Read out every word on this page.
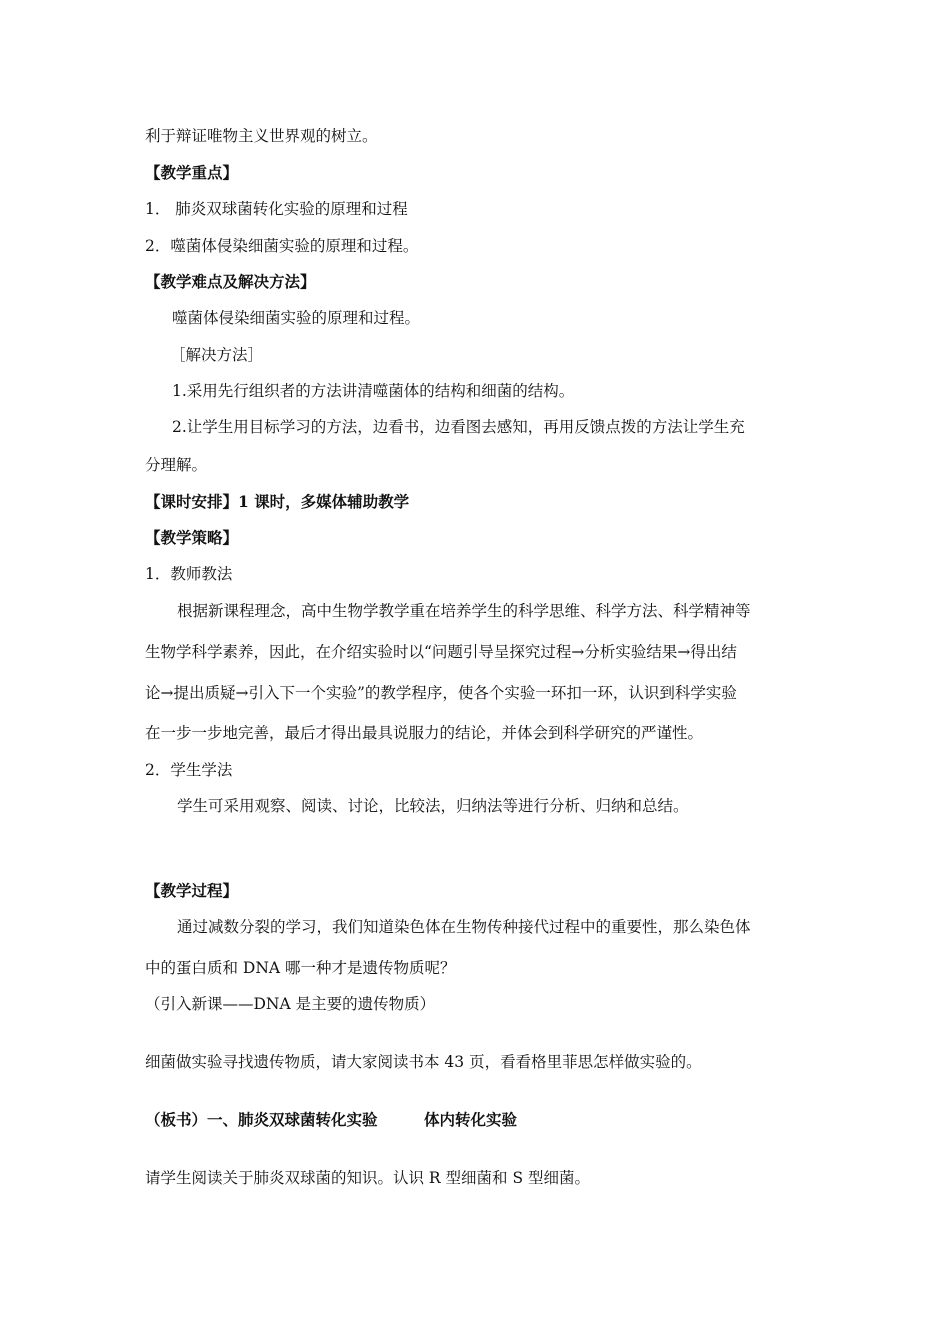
利于辩证唯物主义世界观的树立。
【教学重点】
1． 肺炎双球菌转化实验的原理和过程
2．噬菌体侵染细菌实验的原理和过程。
【教学难点及解决方法】
噬菌体侵染细菌实验的原理和过程。
［解决方法］
1.采用先行组织者的方法讲清噬菌体的结构和细菌的结构。
2.让学生用目标学习的方法，边看书，边看图去感知，再用反馈点拨的方法让学生充
分理解。
【课时安排】1 课时，多媒体辅助教学
【教学策略】
1．教师教法
根据新课程理念，高中生物学教学重在培养学生的科学思维、科学方法、科学精神等
生物学科学素养，因此，在介绍实验时以“问题引导呈探究过程→分析实验结果→得出结
论→提出质疑→引入下一个实验”的教学程序，使各个实验一环扣一环，认识到科学实验
在一步一步地完善，最后才得出最具说服力的结论，并体会到科学研究的严谨性。
2．学生学法
学生可采用观察、阅读、讨论，比较法，归纳法等进行分析、归纳和总结。
【教学过程】
通过减数分裂的学习，我们知道染色体在生物传种接代过程中的重要性，那么染色体
中的蛋白质和 DNA 哪一种才是遗传物质呢？
（引入新课——DNA 是主要的遗传物质）
细菌做实验寻找遗传物质，请大家阅读书本 43 页，看看格里菲思怎样做实验的。
（板书）一、肺炎双球菌转化实验　　　体内转化实验
请学生阅读关于肺炎双球菌的知识。认识 R 型细菌和 S 型细菌。
